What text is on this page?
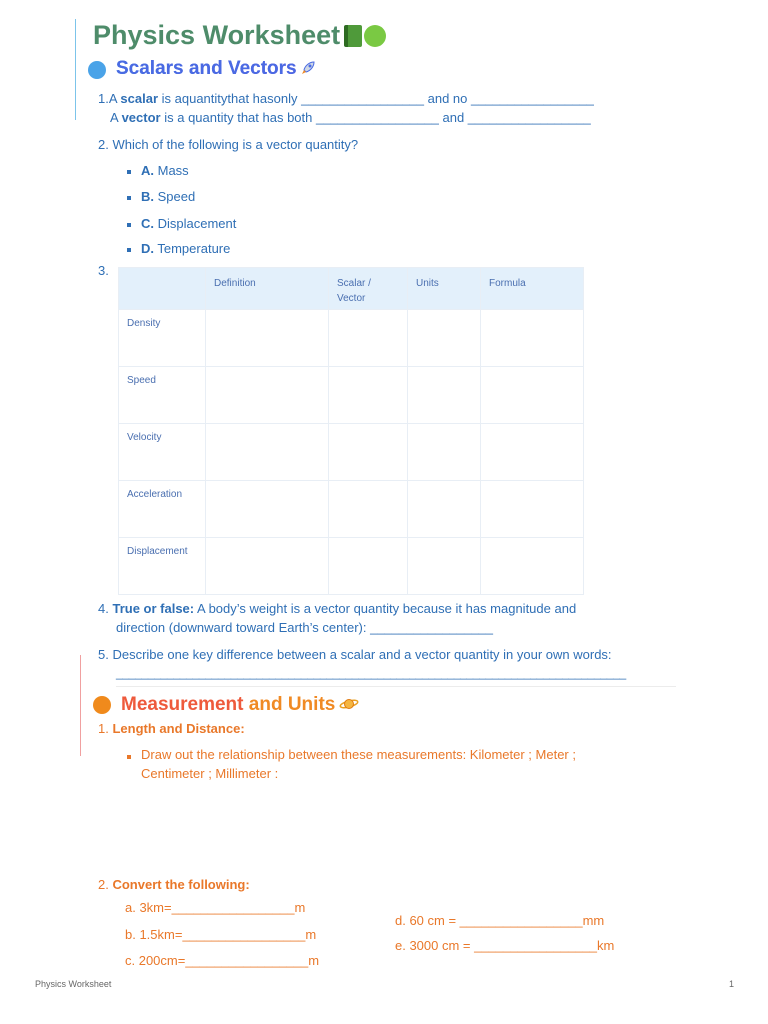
Physics Worksheet
Scalars and Vectors
1.A scalar is aquantitythat hasonly _________________ and no _________________
A vector is a quantity that has both _________________ and _________________
2. Which of the following is a vector quantity?
A. Mass
B. Speed
C. Displacement
D. Temperature
3.
	Definition	Scalar / Vector	Units	Formula
Density				
Speed				
Velocity				
Acceleration				
Displacement				
4. True or false: A body’s weight is a vector quantity because it has magnitude and
direction (downward toward Earth’s center): _________________
5. Describe one key difference between a scalar and a vector quantity in your own words:
________________________________________________________________________________
Measurement and Units
1. Length and Distance:
Draw out the relationship between these measurements: Kilometer ; Meter ;
Centimeter ; Millimeter :
2. Convert the following:
a. 3km=_________________m
b. 1.5km=_________________m
c. 200cm=_________________m
d. 60 cm = _________________mm
e. 3000 cm = _________________km
Physics Worksheet	1
